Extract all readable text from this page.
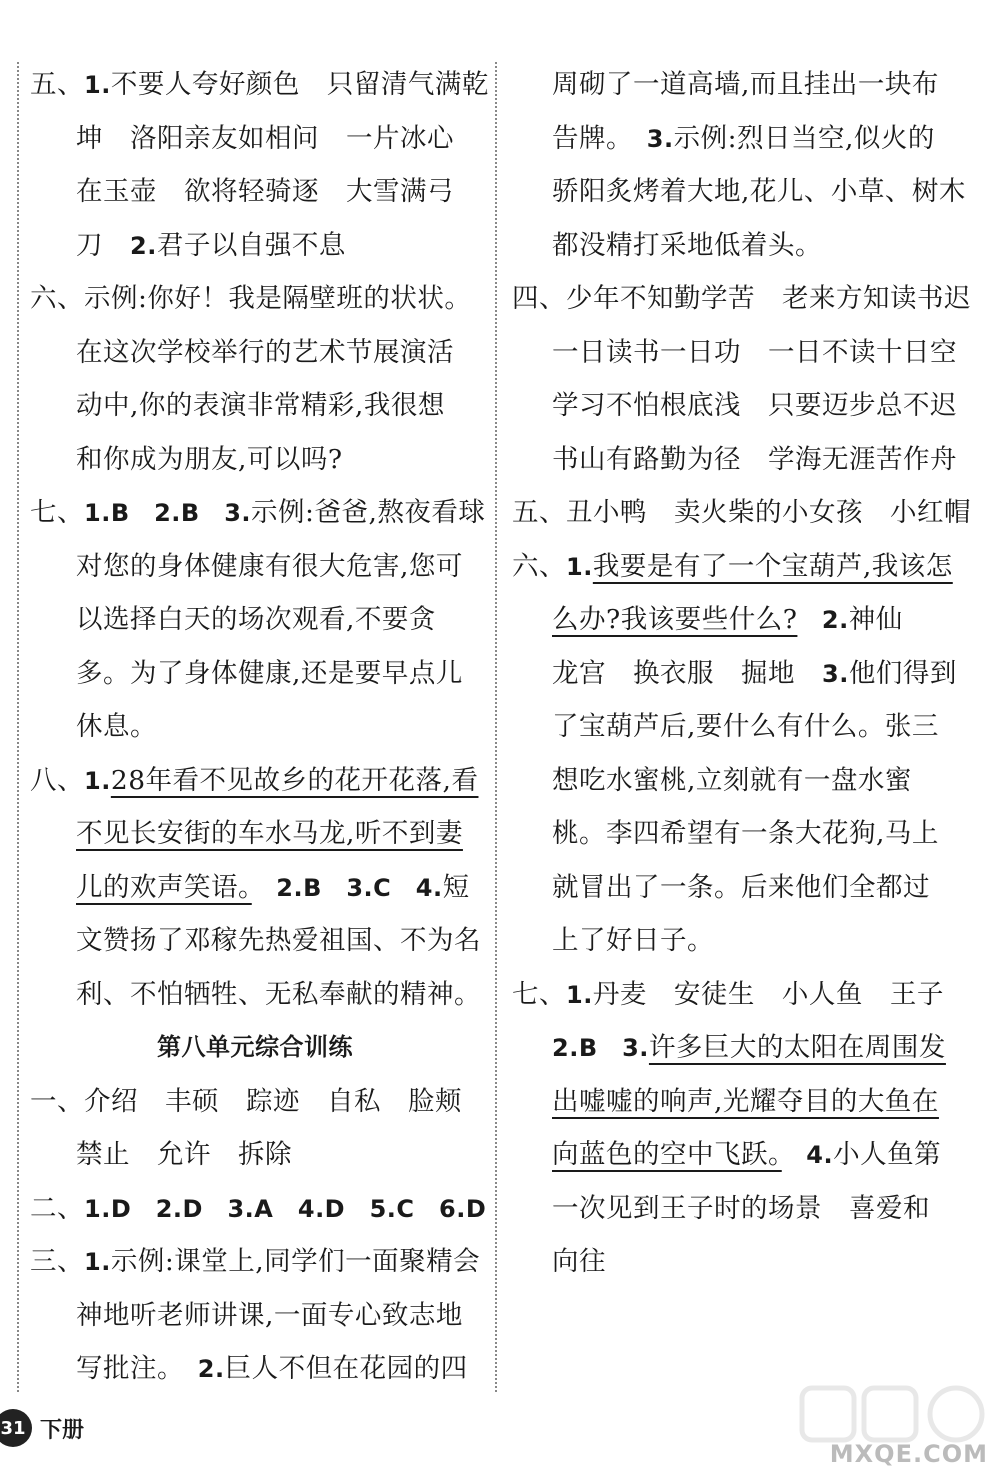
五、1.不要人夸好颜色　只留清气满乾
坤　洛阳亲友如相问　一片冰心
在玉壶　欲将轻骑逐　大雪满弓
刀　2.君子以自强不息
六、示例:你好！我是隔壁班的状状。
在这次学校举行的艺术节展演活
动中,你的表演非常精彩,我很想
和你成为朋友,可以吗?
七、1.B　2.B　3.示例:爸爸,熬夜看球
对您的身体健康有很大危害,您可
以选择白天的场次观看,不要贪
多。为了身体健康,还是要早点儿
休息。
八、1.28年看不见故乡的花开花落,看
不见长安街的车水马龙,听不到妻
儿的欢声笑语。　2.B　3.C　4.短
文赞扬了邓稼先热爱祖国、不为名
利、不怕牺牲、无私奉献的精神。
第八单元综合训练
一、介绍　丰硕　踪迹　自私　脸颊
禁止　允许　拆除
二、1.D　2.D　3.A　4.D　5.C　6.D
三、1.示例:课堂上,同学们一面聚精会
神地听老师讲课,一面专心致志地
写批注。　2.巨人不但在花园的四
周砌了一道高墙,而且挂出一块布
告牌。　3.示例:烈日当空,似火的
骄阳炙烤着大地,花儿、小草、树木
都没精打采地低着头。
四、少年不知勤学苦　老来方知读书迟
一日读书一日功　一日不读十日空
学习不怕根底浅　只要迈步总不迟
书山有路勤为径　学海无涯苦作舟
五、丑小鸭　卖火柴的小女孩　小红帽
六、1.我要是有了一个宝葫芦,我该怎
么办?我该要些什么?　2.神仙
龙宫　换衣服　掘地　3.他们得到
了宝葫芦后,要什么有什么。张三
想吃水蜜桃,立刻就有一盘水蜜
桃。李四希望有一条大花狗,马上
就冒出了一条。后来他们全都过
上了好日子。
七、1.丹麦　安徒生　小人鱼　王子
2.B　3.许多巨大的太阳在周围发
出嘘嘘的响声,光耀夺目的大鱼在
向蓝色的空中飞跃。　4.小人鱼第
一次见到王子时的场景　喜爱和
向往
31 下册
MXQE.COM
